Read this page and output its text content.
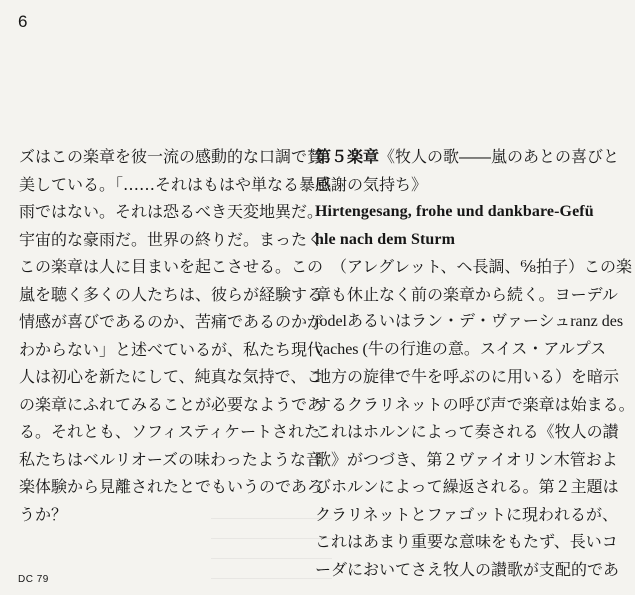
6
ズはこの楽章を彼一流の感動的な口調で賛
美している。「……それはもはや単なる暴風
雨ではない。それは恐るべき天変地異だ。
宇宙的な豪雨だ。世界の終りだ。まったく
この楽章は人に目まいを起こさせる。この
嵐を聴く多くの人たちは、彼らが経験する
情感が喜びであるのか、苦痛であるのかが
わからない」と述べているが、私たち現代
人は初心を新たにして、純真な気持で、こ
の楽章にふれてみることが必要なようであ
る。それとも、ソフィスティケートされた
私たちはベルリオーズの味わったような音
楽体験から見離されたとでもいうのであろ
うか？
第５楽章《牧人の歌――嵐のあとの喜びと
感謝の気持ち》
Hirtengesang, frohe und dankbare-Gefü
hle nach dem Sturm
（アレグレット、ヘ長調、⁶⁄₈拍子）この楽
章も休止なく前の楽章から続く。ヨーデル
jodelあるいはラン・デ・ヴァーシュranz des
vaches (牛の行進の意。スイス・アルプス
地方の旋律で牛を呼ぶのに用いる）を暗示
するクラリネットの呼び声で楽章は始まる。
これはホルンによって奏される《牧人の讃
歌》がつづき、第２ヴァイオリン木管およ
びホルンによって繰返される。第２主題は
クラリネットとファゴットに現われるが、
これはあまり重要な意味をもたず、長いコ
ーダにおいてさえ牧人の讃歌が支配的であ
DC 79
